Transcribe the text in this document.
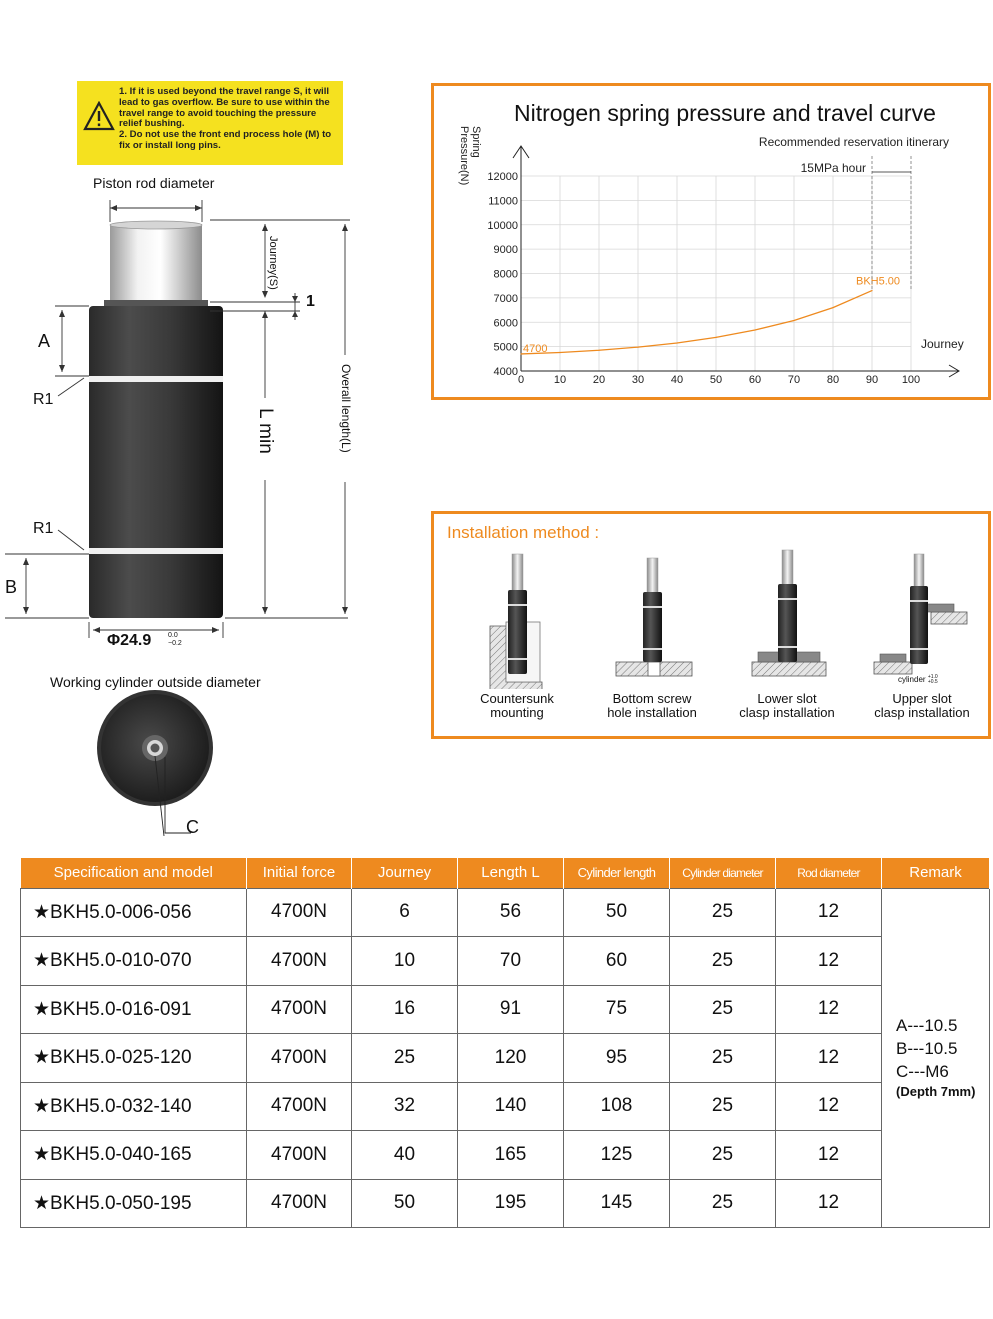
1. If it is used beyond the travel range S, it will lead to gas overflow. Be sure to use within the travel range to avoid touching the pressure relief bushing.
2. Do not use the front end process hole (M) to fix or install long pins.
Piston rod diameter
Journey(S)
1
A
R1
R1
B
L min	Overall length(L)
Φ24.9 0.0
−0.2
Working cylinder outside diameter
C
Nitrogen spring pressure and travel curve
0	10 20 30 40 50 60 70 80 90 100
4000
5000
6000
7000
8000
9000
10000
11000
12000
Journey
SpringPressure(N)
4700
BKH5.00
Recommended reservation itinerary
15MPa hour
Installation method :
cylinder +1.0
+0.5
Countersunk
mounting
Bottom screw
hole installation
Lower slot
clasp installation
Upper slot
clasp installation
Specification and model	Initial force	Journey	Length L	Cylinder length	Cylinder diameter	Rod diameter	Remark
★BKH5.0-006-056	4700N	6	56	50	25	12	A---10.5
B---10.5
C---M6
(Depth 7mm)

★BKH5.0-010-070	4700N	10	70	60	25	12	
★BKH5.0-016-091	4700N	16	91	75	25	12	
★BKH5.0-025-120	4700N	25	120	95	25	12	
★BKH5.0-032-140	4700N	32	140	108	25	12	
★BKH5.0-040-165	4700N	40	165	125	25	12	
★BKH5.0-050-195	4700N	50	195	145	25	12	
